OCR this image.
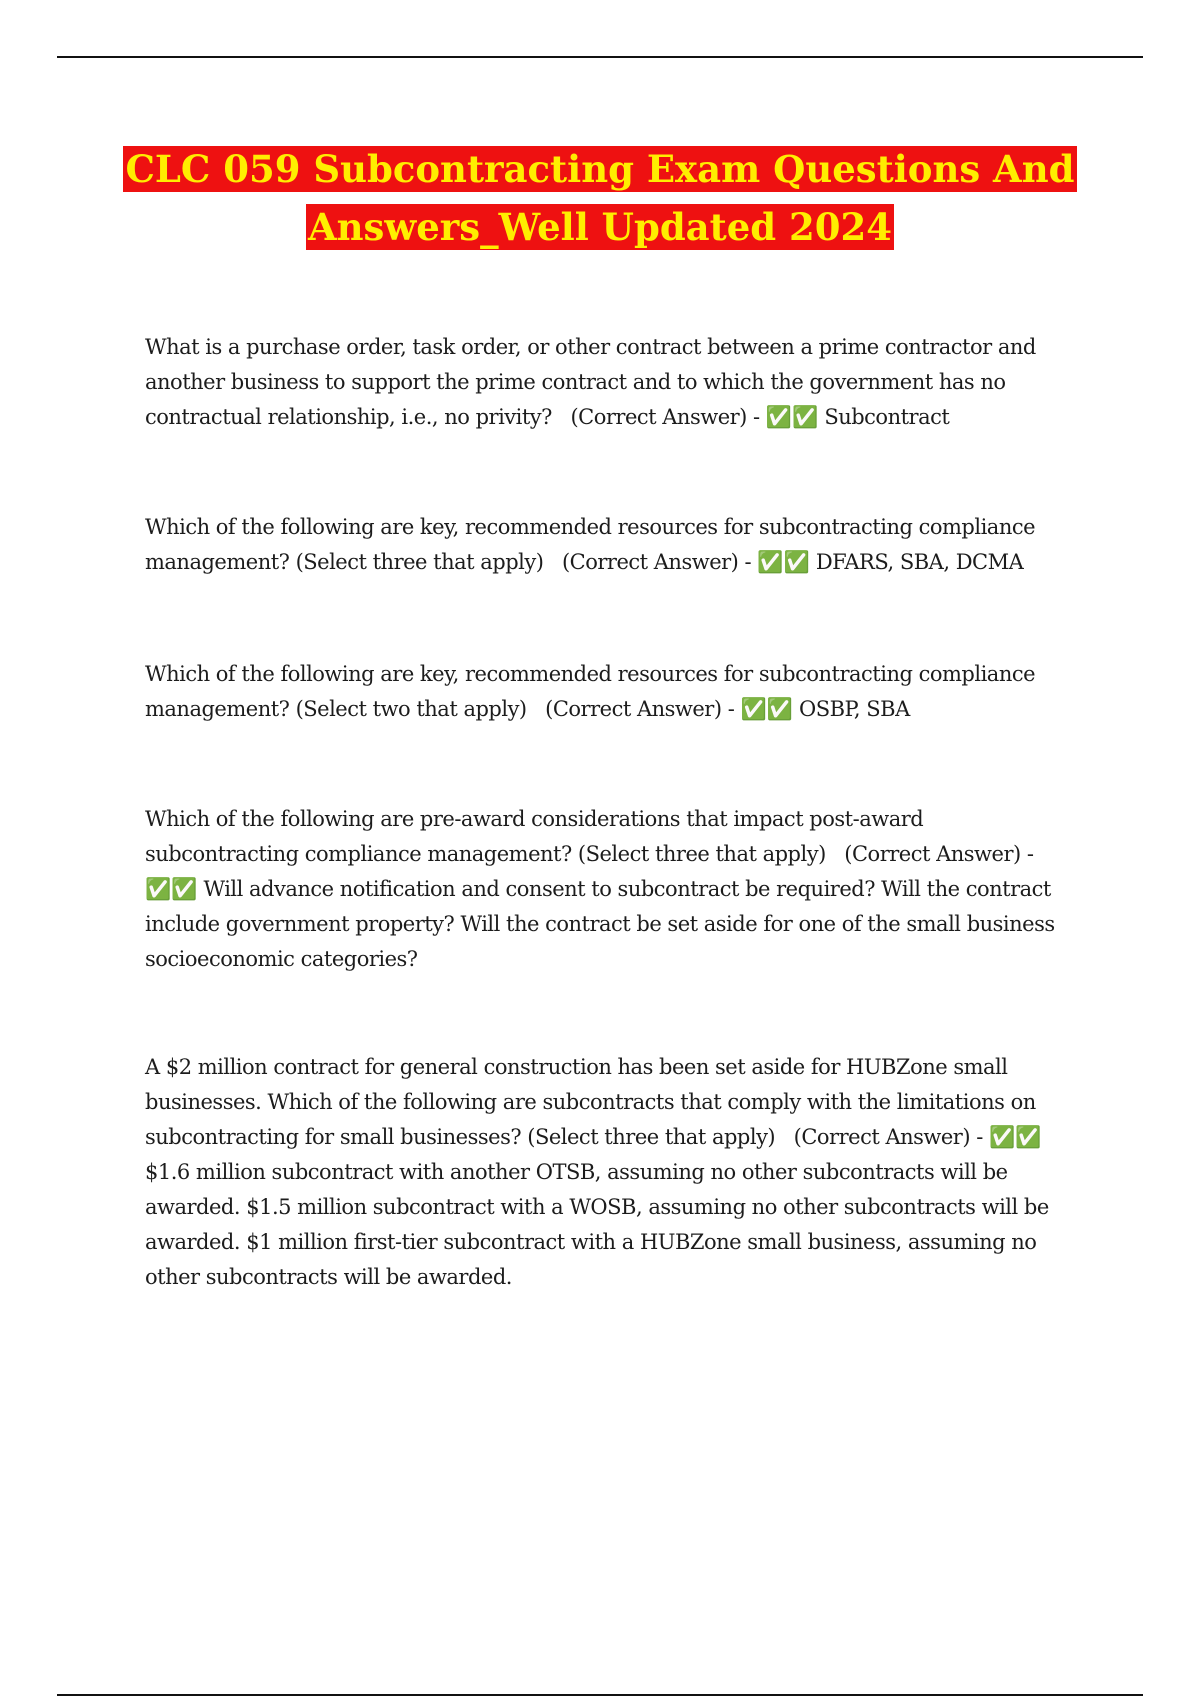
CLC 059 Subcontracting Exam Questions And
Answers_Well Updated 2024

What is a purchase order, task order, or other contract between a prime contractor and another business to support the prime contract and to which the government has no contractual relationship, i.e., no privity? (Correct Answer) - ✅✅ Subcontract

Which of the following are key, recommended resources for subcontracting compliance management? (Select three that apply) (Correct Answer) - ✅✅ DFARS, SBA, DCMA

Which of the following are key, recommended resources for subcontracting compliance management? (Select two that apply) (Correct Answer) - ✅✅ OSBP, SBA

Which of the following are pre-award considerations that impact post-award subcontracting compliance management? (Select three that apply) (Correct Answer) - ✅✅ Will advance notification and consent to subcontract be required? Will the contract include government property? Will the contract be set aside for one of the small business socioeconomic categories?

A $2 million contract for general construction has been set aside for HUBZone small businesses. Which of the following are subcontracts that comply with the limitations on subcontracting for small businesses? (Select three that apply) (Correct Answer) - ✅✅ $1.6 million subcontract with another OTSB, assuming no other subcontracts will be awarded. $1.5 million subcontract with a WOSB, assuming no other subcontracts will be awarded. $1 million first-tier subcontract with a HUBZone small business, assuming no other subcontracts will be awarded.
